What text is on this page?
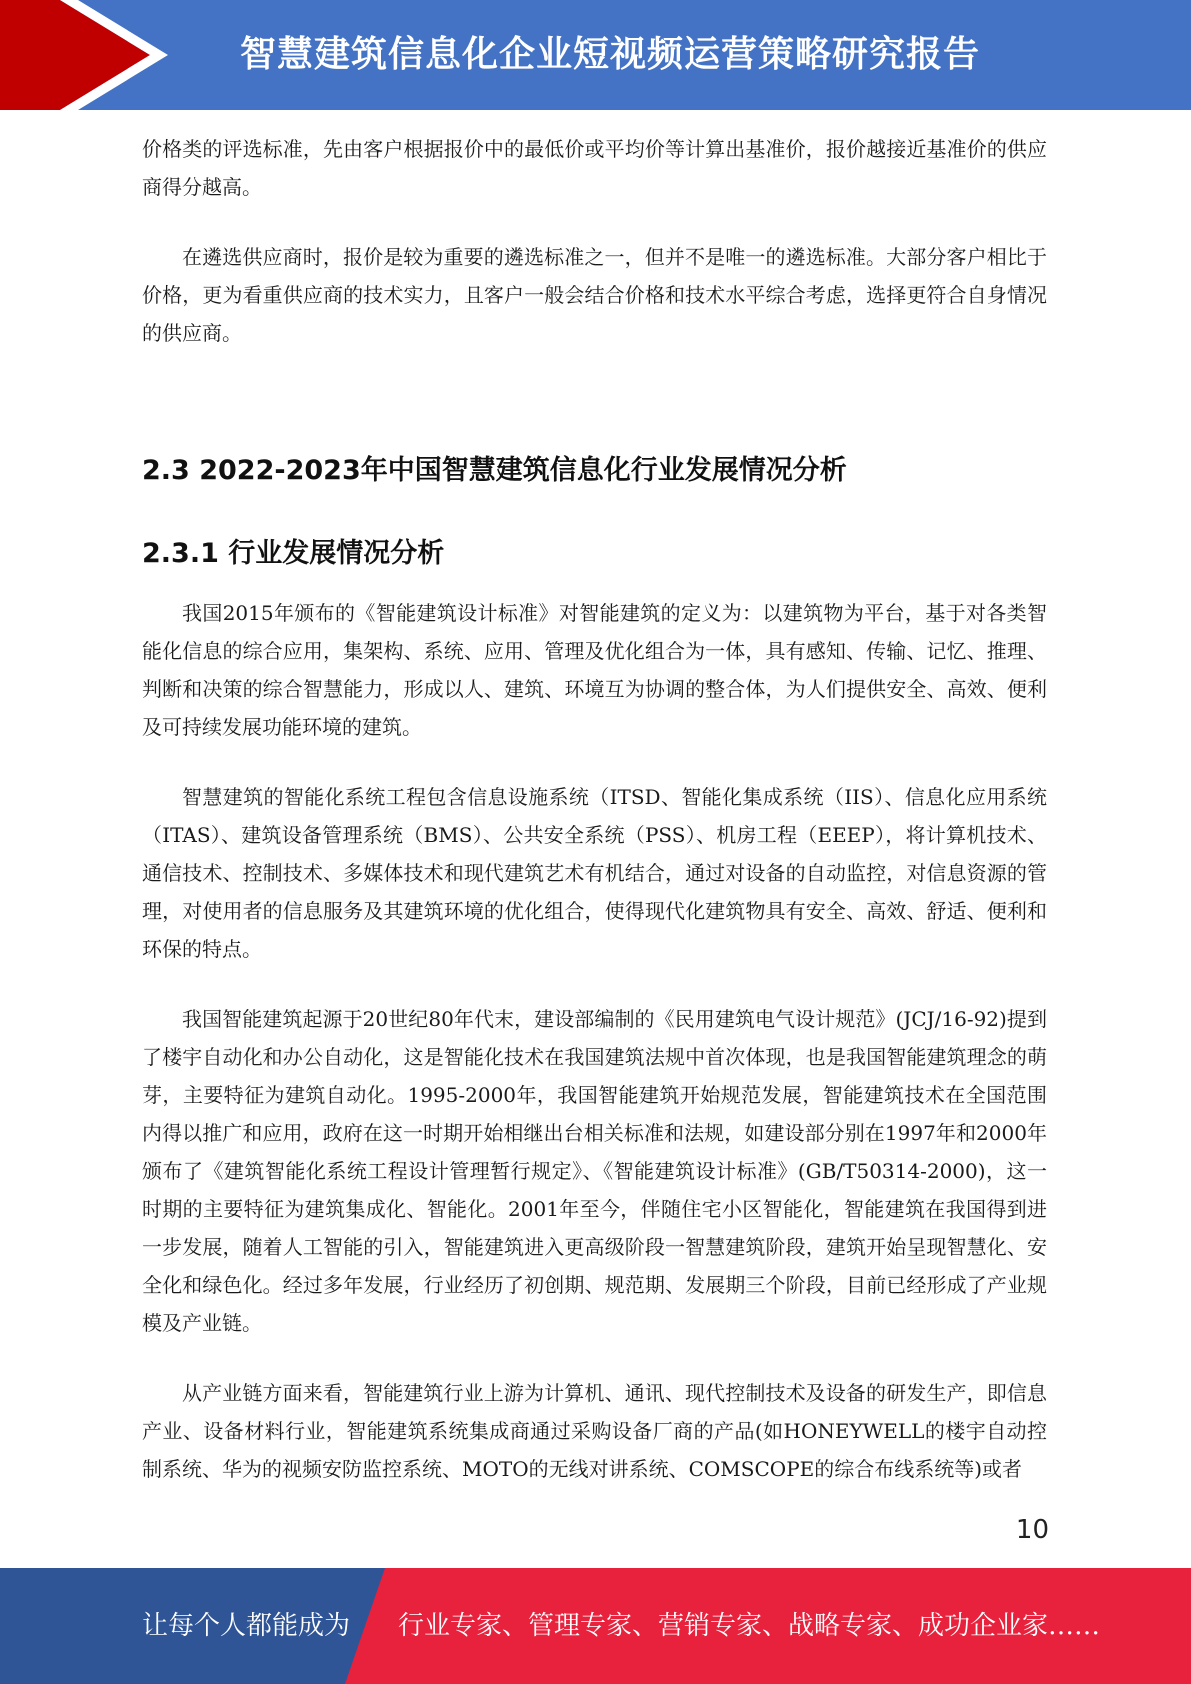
智慧建筑信息化企业短视频运营策略研究报告

价格类的评选标准，先由客户根据报价中的最低价或平均价等计算出基准价，报价越接近基准价的供应商得分越高。

在遴选供应商时，报价是较为重要的遴选标准之一，但并不是唯一的遴选标准。大部分客户相比于价格，更为看重供应商的技术实力，且客户一般会结合价格和技术水平综合考虑，选择更符合自身情况的供应商。

2.3 2022-2023年中国智慧建筑信息化行业发展情况分析
2.3.1 行业发展情况分析

我国2015年颁布的《智能建筑设计标准》对智能建筑的定义为：以建筑物为平台，基于对各类智能化信息的综合应用，集架构、系统、应用、管理及优化组合为一体，具有感知、传输、记忆、推理、判断和决策的综合智慧能力，形成以人、建筑、环境互为协调的整合体，为人们提供安全、高效、便利及可持续发展功能环境的建筑。

智慧建筑的智能化系统工程包含信息设施系统（ITSD、智能化集成系统（IIS）、信息化应用系统（ITAS）、建筑设备管理系统（BMS）、公共安全系统（PSS）、机房工程（EEEP），将计算机技术、通信技术、控制技术、多媒体技术和现代建筑艺术有机结合，通过对设备的自动监控，对信息资源的管理，对使用者的信息服务及其建筑环境的优化组合，使得现代化建筑物具有安全、高效、舒适、便利和环保的特点。

我国智能建筑起源于20世纪80年代末，建设部编制的《民用建筑电气设计规范》(JCJ/16-92)提到了楼宇自动化和办公自动化，这是智能化技术在我国建筑法规中首次体现，也是我国智能建筑理念的萌芽，主要特征为建筑自动化。1995-2000年，我国智能建筑开始规范发展，智能建筑技术在全国范围内得以推广和应用，政府在这一时期开始相继出台相关标准和法规，如建设部分别在1997年和2000年颁布了《建筑智能化系统工程设计管理暂行规定》、《智能建筑设计标准》(GB/T50314-2000)，这一时期的主要特征为建筑集成化、智能化。2001年至今，伴随住宅小区智能化，智能建筑在我国得到进一步发展，随着人工智能的引入，智能建筑进入更高级阶段一智慧建筑阶段，建筑开始呈现智慧化、安全化和绿色化。经过多年发展，行业经历了初创期、规范期、发展期三个阶段，目前已经形成了产业规模及产业链。

从产业链方面来看，智能建筑行业上游为计算机、通讯、现代控制技术及设备的研发生产，即信息产业、设备材料行业，智能建筑系统集成商通过采购设备厂商的产品(如HONEYWELL的楼宇自动控制系统、华为的视频安防监控系统、MOTO的无线对讲系统、COMSCOPE的综合布线系统等)或者

10
让每个人都能成为 行业专家、管理专家、营销专家、战略专家、成功企业家……
